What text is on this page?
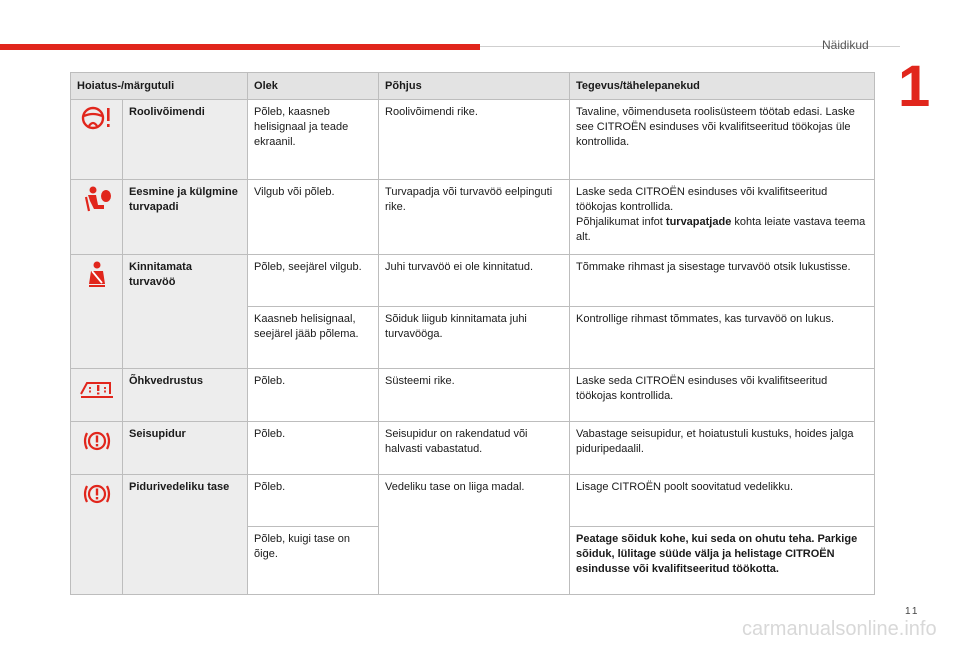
Näidikud
1
Hoiatus-/märgutuli		Olek	Põhjus	Tegevus/tähelepanekud
	Roolivõimendi	Põleb, kaasneb helisignaal ja teade ekraanil.	Roolivõimendi rike.	Tavaline, võimenduseta roolisüsteem töötab edasi. Laske see CITROËN esinduses või kvalifitseeritud töökojas üle kontrollida.
	Eesmine ja külgmine turvapadi	Vilgub või põleb.	Turvapadja või turvavöö eelpinguti rike.	Laske seda CITROËN esinduses või kvalifitseeritud töökojas kontrollida.
Põhjalikumat infot turvapatjade kohta leiate vastava teema alt.
	Kinnitamata turvavöö	Põleb, seejärel vilgub.	Juhi turvavöö ei ole kinnitatud.	Tõmmake rihmast ja sisestage turvavöö otsik lukustisse.
		Kaasneb helisignaal, seejärel jääb põlema.	Sõiduk liigub kinnitamata juhi turvavööga.	Kontrollige rihmast tõmmates, kas turvavöö on lukus.
	Õhkvedrustus	Põleb.	Süsteemi rike.	Laske seda CITROËN esinduses või kvalifitseeritud töökojas kontrollida.
	Seisupidur	Põleb.	Seisupidur on rakendatud või halvasti vabastatud.	Vabastage seisupidur, et hoiatustuli kustuks, hoides jalga piduripedaalil.
	Pidurivedeliku tase	Põleb.	Vedeliku tase on liiga madal.	Lisage CITROËN poolt soovitatud vedelikku.
		Põleb, kuigi tase on õige.		Peatage sõiduk kohe, kui seda on ohutu teha. Parkige sõiduk, lülitage süüde välja ja helistage CITROËN esindusse või kvalifitseeritud töökotta.
11
carmanualsonline.info
